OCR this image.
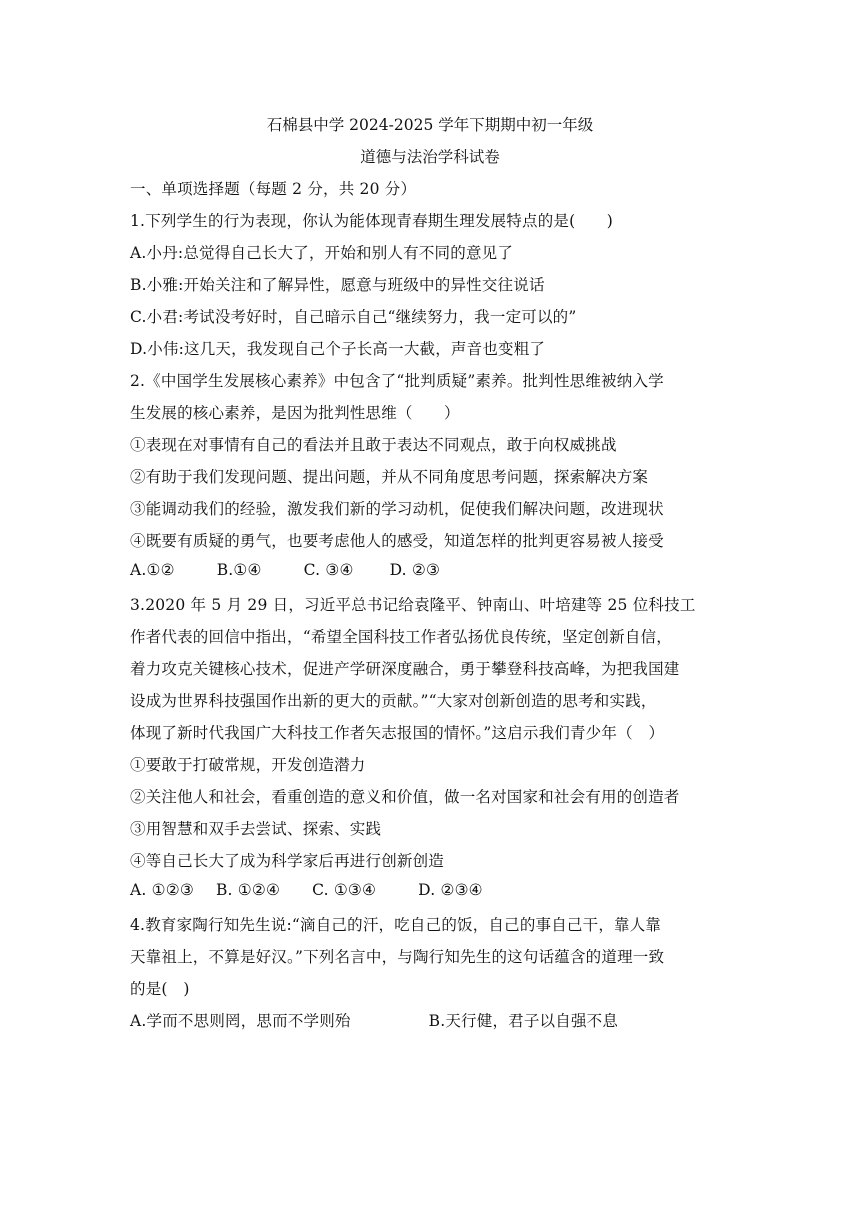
石棉县中学 2024-2025 学年下期期中初一年级
道德与法治学科试卷
一、单项选择题（每题 2 分，共 20 分）
1.下列学生的行为表现，你认为能体现青春期生理发展特点的是(　　)
A.小丹:总觉得自己长大了，开始和别人有不同的意见了
B.小雅:开始关注和了解异性，愿意与班级中的异性交往说话
C.小君:考试没考好时，自己暗示自己“继续努力，我一定可以的”
D.小伟:这几天，我发现自己个子长高一大截，声音也变粗了
2.《中国学生发展核心素养》中包含了“批判质疑”素养。批判性思维被纳入学
生发展的核心素养，是因为批判性思维（　　）
①表现在对事情有自己的看法并且敢于表达不同观点，敢于向权威挑战
②有助于我们发现问题、提出问题，并从不同角度思考问题，探索解决方案
③能调动我们的经验，激发我们新的学习动机，促使我们解决问题，改进现状
④既要有质疑的勇气，也要考虑他人的感受，知道怎样的批判更容易被人接受
A.①②	B.①④	C. ③④ D. ②③
3.2020 年 5 月 29 日，习近平总书记给袁隆平、钟南山、叶培建等 25 位科技工
作者代表的回信中指出，“希望全国科技工作者弘扬优良传统，坚定创新自信，
着力攻克关键核心技术，促进产学研深度融合，勇于攀登科技高峰，为把我国建
设成为世界科技强国作出新的更大的贡献。”“大家对创新创造的思考和实践，
体现了新时代我国广大科技工作者矢志报国的情怀。”这启示我们青少年（　）
①要敢于打破常规，开发创造潜力
②关注他人和社会，看重创造的意义和价值，做一名对国家和社会有用的创造者
③用智慧和双手去尝试、探索、实践
④等自己长大了成为科学家后再进行创新创造
A. ①②③ B. ①②④ C. ①③④	D. ②③④
4.教育家陶行知先生说:“滴自己的汗，吃自己的饭，自己的事自己干，靠人靠
天靠祖上，不算是好汉。”下列名言中，与陶行知先生的这句话蕴含的道理一致
的是(　)
A.学而不思则罔，思而不学则殆	B.天行健，君子以自强不息
